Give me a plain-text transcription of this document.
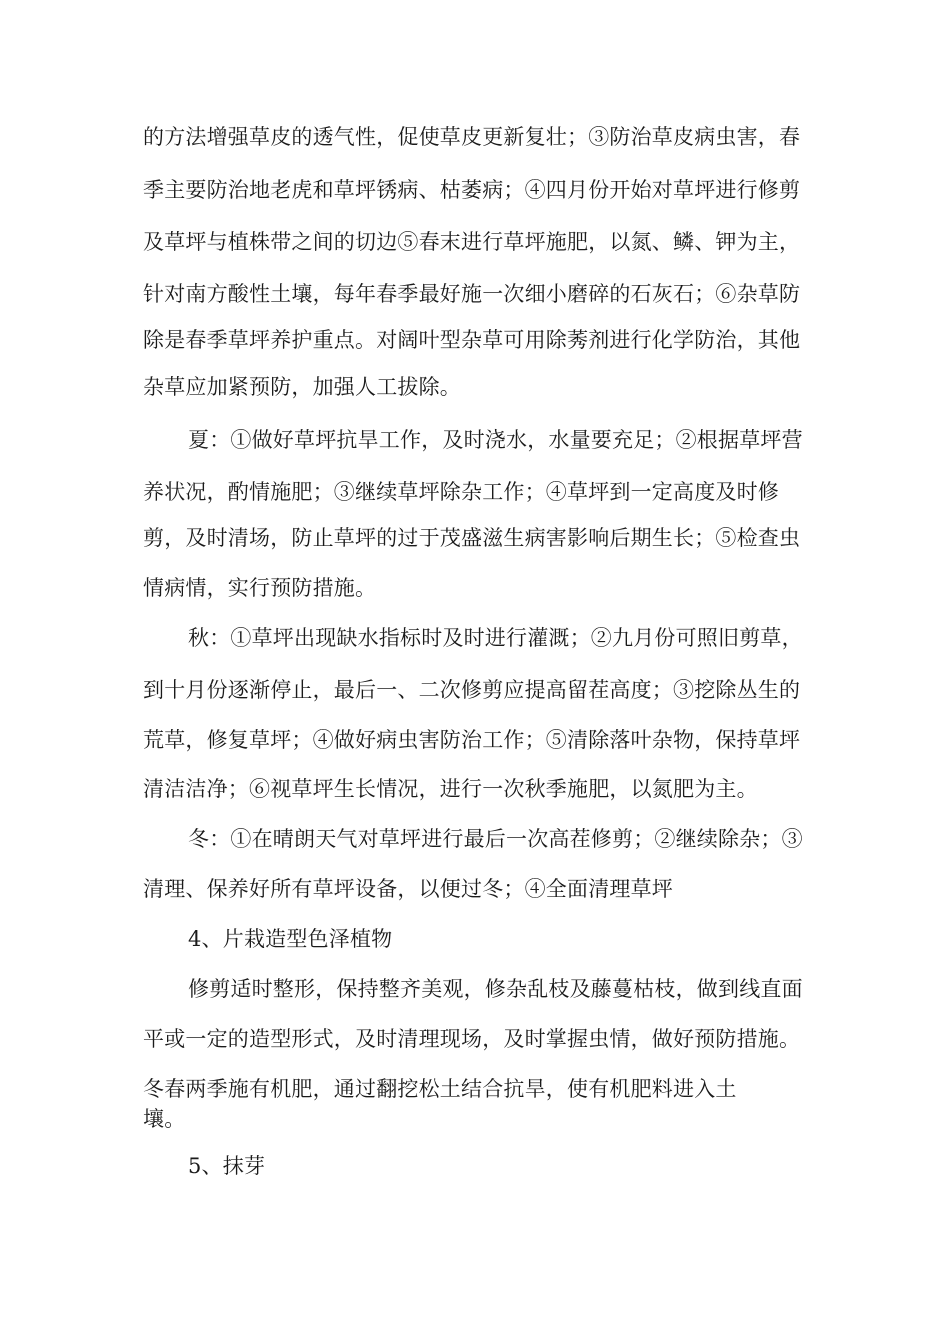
的方法增强草皮的透气性，促使草皮更新复壮；③防治草皮病虫害，春
季主要防治地老虎和草坪锈病、枯萎病；④四月份开始对草坪进行修剪
及草坪与植株带之间的切边⑤春末进行草坪施肥，以氮、鳞、钾为主，
针对南方酸性土壤，每年春季最好施一次细小磨碎的石灰石；⑥杂草防
除是春季草坪养护重点。对阔叶型杂草可用除莠剂进行化学防治，其他
杂草应加紧预防，加强人工拔除。
夏：①做好草坪抗旱工作，及时浇水，水量要充足；②根据草坪营
养状况，酌情施肥；③继续草坪除杂工作；④草坪到一定高度及时修
剪，及时清场，防止草坪的过于茂盛滋生病害影响后期生长；⑤检查虫
情病情，实行预防措施。
秋：①草坪出现缺水指标时及时进行灌溉；②九月份可照旧剪草，
到十月份逐渐停止，最后一、二次修剪应提高留茬高度；③挖除丛生的
荒草，修复草坪；④做好病虫害防治工作；⑤清除落叶杂物，保持草坪
清洁洁净；⑥视草坪生长情况，进行一次秋季施肥，以氮肥为主。
冬：①在晴朗天气对草坪进行最后一次高茬修剪；②继续除杂；③
清理、保养好所有草坪设备，以便过冬；④全面清理草坪
4、片栽造型色泽植物
修剪适时整形，保持整齐美观，修杂乱枝及藤蔓枯枝，做到线直面
平或一定的造型形式，及时清理现场，及时掌握虫情，做好预防措施。
冬春两季施有机肥，通过翻挖松土结合抗旱，使有机肥料进入土
壤。
5、抹芽
